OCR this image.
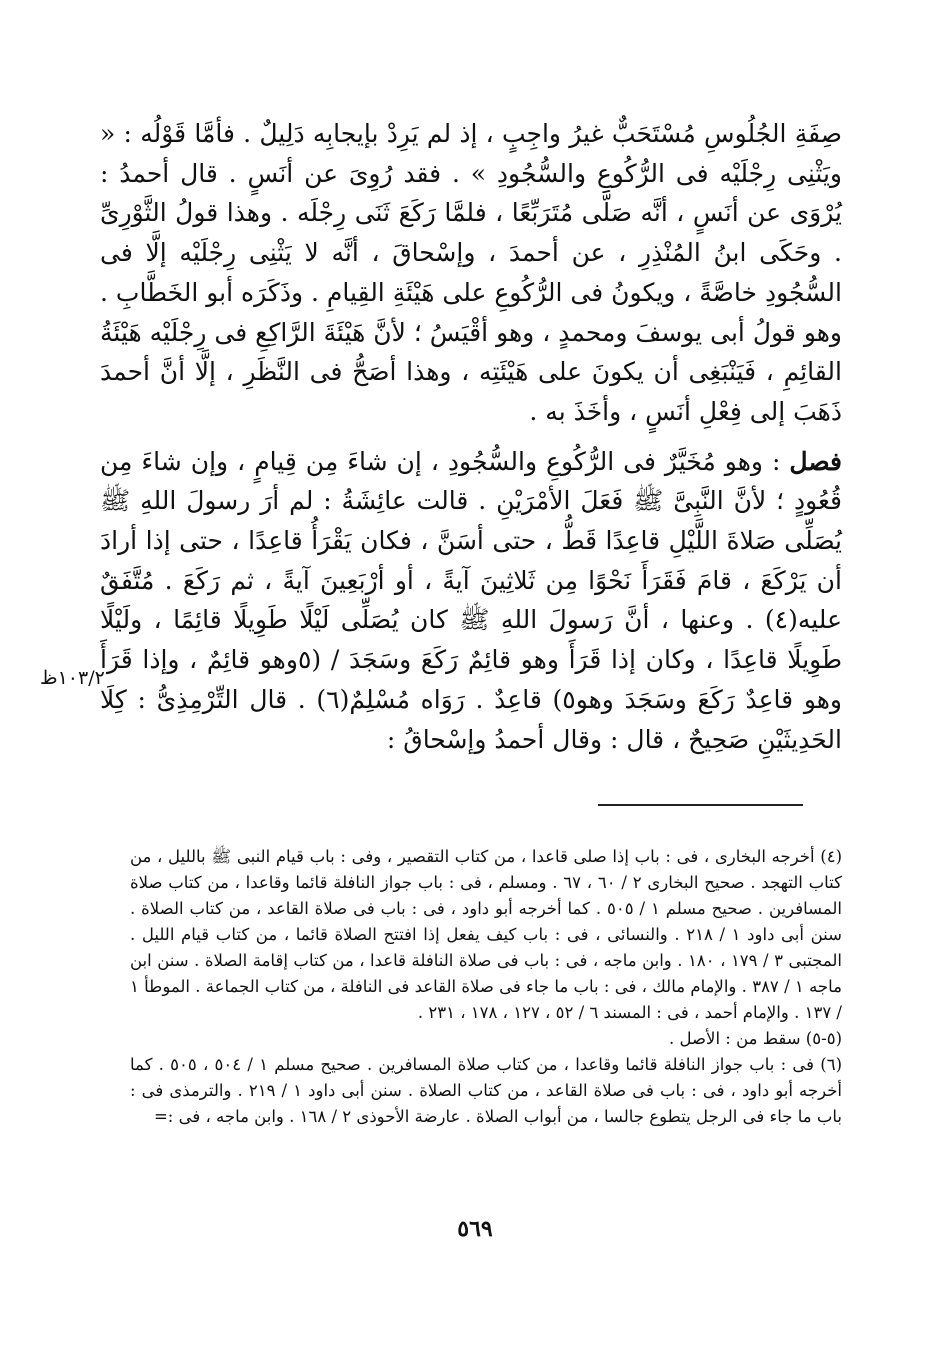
صِفَةِ الجُلُوسِ مُسْتَحَبٌّ غيرُ واجِبٍ ، إذ لم يَرِدْ بإيجابِه دَلِيلٌ . فأمَّا قَوْلُه : « ويَثْنِى رِجْلَيْه فى الرُّكُوعِ والسُّجُودِ » . فقد رُوِىَ عن أنَسٍ . قال أحمدُ : يُرْوَى عن أنَسٍ ، أنَّه صَلَّى مُتَرَبِّعًا ، فلمَّا رَكَعَ ثَنَى رِجْلَه . وهذا قولُ الثَّوْرِىِّ . وحَكَى ابنُ المُنْذِرِ ، عن أحمدَ ، وإسْحاقَ ، أنَّه لا يَثْنِى رِجْلَيْه إلَّا فى السُّجُودِ خاصَّةً ، ويكونُ فى الرُّكُوعِ على هَيْئَةِ القِيامِ . وذَكَرَه أبو الخَطَّابِ . وهو قولُ أبى يوسفَ ومحمدٍ ، وهو أقْيَسُ ؛ لأنَّ هَيْئَةَ الرَّاكِعِ فى رِجْلَيْه هَيْئَةُ القائِمِ ، فَيَنْبَغِى أن يكونَ على هَيْئَتِه ، وهذا أصَحُّ فى النَّظَرِ ، إلَّا أنَّ أحمدَ ذَهَبَ إلى فِعْلِ أنَسٍ ، وأخَذَ به .

فصل : وهو مُخَيَّرٌ فى الرُّكُوعِ والسُّجُودِ ، إن شاءَ مِن قِيامٍ ، وإن شاءَ مِن قُعُودٍ ؛ لأنَّ النَّبِىَّ ﷺ فَعَلَ الأمْرَيْنِ . قالت عائِشَةُ : لم أرَ رسولَ اللهِ ﷺ يُصَلِّى صَلاةَ اللَّيْلِ قاعِدًا قَطُّ ، حتى أسَنَّ ، فكان يَقْرَأُ قاعِدًا ، حتى إذا أرادَ أن يَرْكَعَ ، قامَ فَقَرَأَ نَحْوًا مِن ثَلاثِينَ آيةً ، أو أرْبَعِينَ آيةً ، ثم رَكَعَ . مُتَّفَقٌ عليه(٤) . وعنها ، أنَّ رَسولَ اللهِ ﷺ كان يُصَلِّى لَيْلًا طَوِيلًا قائِمًا ، ولَيْلًا طَوِيلًا قاعِدًا ، وكان إذا قَرَأَ وهو قائِمٌ رَكَعَ وسَجَدَ / (٥وهو قائِمٌ ، وإذا قَرَأَ وهو قاعِدٌ رَكَعَ وسَجَدَ وهو٥) قاعِدٌ . رَوَاه مُسْلِمٌ(٦) . قال التِّرْمِذِىُّ : كِلَا الحَدِيثَيْنِ صَحِيحٌ ، قال : وقال أحمدُ وإسْحاقُ :

١٠٣/٢ظ

(٤) أخرجه البخارى ، فى : باب إذا صلى قاعدا ، من كتاب التقصير ، وفى : باب قيام النبى ﷺ بالليل ، من كتاب التهجد . صحيح البخارى ٢ / ٦٠ ، ٦٧ . ومسلم ، فى : باب جواز النافلة قائما وقاعدا ، من كتاب صلاة المسافرين . صحيح مسلم ١ / ٥٠٥ . كما أخرجه أبو داود ، فى : باب فى صلاة القاعد ، من كتاب الصلاة . سنن أبى داود ١ / ٢١٨ . والنسائى ، فى : باب كيف يفعل إذا افتتح الصلاة قائما ، من كتاب قيام الليل . المجتبى ٣ / ١٧٩ ، ١٨٠ . وابن ماجه ، فى : باب فى صلاة النافلة قاعدا ، من كتاب إقامة الصلاة . سنن ابن ماجه ١ / ٣٨٧ . والإمام مالك ، فى : باب ما جاء فى صلاة القاعد فى النافلة ، من كتاب الجماعة . الموطأ ١ / ١٣٧ . والإمام أحمد ، فى : المسند ٦ / ٥٢ ، ١٢٧ ، ١٧٨ ، ٢٣١ .

(٥-٥) سقط من : الأصل .

(٦) فى : باب جواز النافلة قائما وقاعدا ، من كتاب صلاة المسافرين . صحيح مسلم ١ / ٥٠٤ ، ٥٠٥ . كما أخرجه أبو داود ، فى : باب فى صلاة القاعد ، من كتاب الصلاة . سنن أبى داود ١ / ٢١٩ . والترمذى فى : باب ما جاء فى الرجل يتطوع جالسا ، من أبواب الصلاة . عارضة الأحوذى ٢ / ١٦٨ . وابن ماجه ، فى :=

٥٦٩
